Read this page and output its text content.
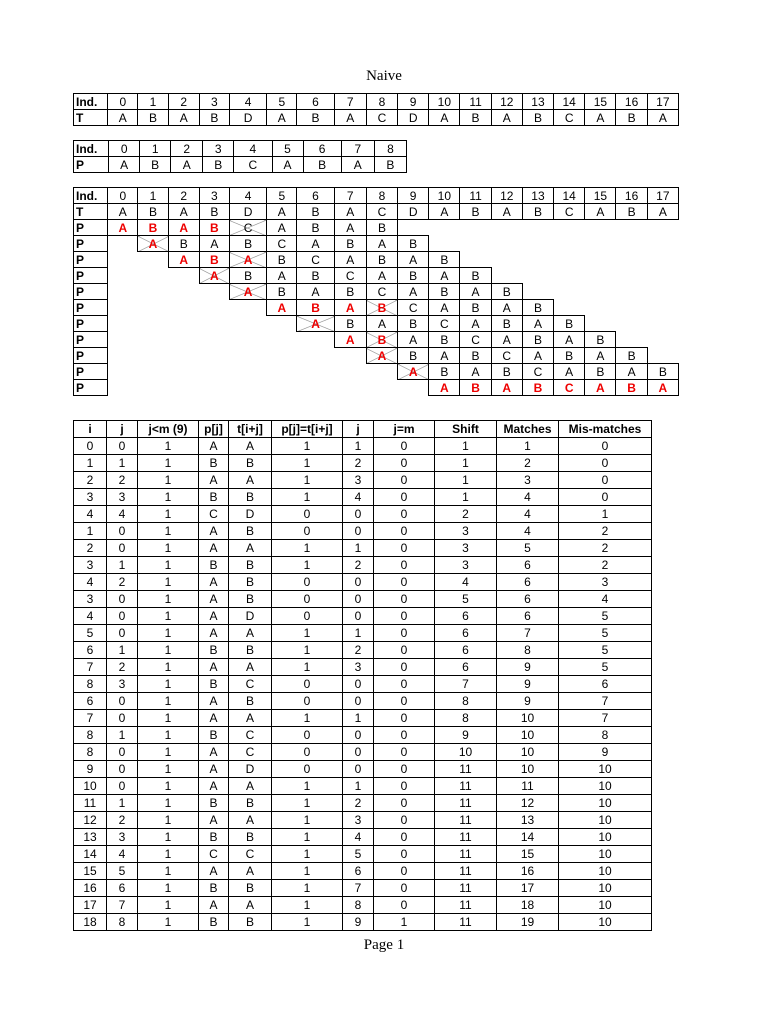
Naive
Ind.	0	1	2	3	4	5	6	7	8	9	10	11	12	13	14	15	16	17
T	A	B	A	B	D	A	B	A	C	D	A	B	A	B	C	A	B	A
Ind.	0	1	2	3	4	5	6	7	8
P	A	B	A	B	C	A	B	A	B
Ind.	0	1	2	3	4	5	6	7	8	9	10	11	12	13	14	15	16	17
T	A	B	A	B	D	A	B	A	C	D	A	B	A	B	C	A	B	A
P	A	B	A	B	C	A	B	A	B									
P		A	B	A	B	C	A	B	A	B								
P			A	B	A	B	C	A	B	A	B							
P				A	B	A	B	C	A	B	A	B						
P					A	B	A	B	C	A	B	A	B					
P						A	B	A	B	C	A	B	A	B				
P							A	B	A	B	C	A	B	A	B			
P								A	B	A	B	C	A	B	A	B		
P									A	B	A	B	C	A	B	A	B	
P										A	B	A	B	C	A	B	A	B
P											A	B	A	B	C	A	B	A
i	j	j<m (9)	p[j]	t[i+j]	p[j]=t[i+j]	j	j=m	Shift	Matches	Mis-matches
0	0	1	A	A	1	1	0	1	1	0
1	1	1	B	B	1	2	0	1	2	0
2	2	1	A	A	1	3	0	1	3	0
3	3	1	B	B	1	4	0	1	4	0
4	4	1	C	D	0	0	0	2	4	1
1	0	1	A	B	0	0	0	3	4	2
2	0	1	A	A	1	1	0	3	5	2
3	1	1	B	B	1	2	0	3	6	2
4	2	1	A	B	0	0	0	4	6	3
3	0	1	A	B	0	0	0	5	6	4
4	0	1	A	D	0	0	0	6	6	5
5	0	1	A	A	1	1	0	6	7	5
6	1	1	B	B	1	2	0	6	8	5
7	2	1	A	A	1	3	0	6	9	5
8	3	1	B	C	0	0	0	7	9	6
6	0	1	A	B	0	0	0	8	9	7
7	0	1	A	A	1	1	0	8	10	7
8	1	1	B	C	0	0	0	9	10	8
8	0	1	A	C	0	0	0	10	10	9
9	0	1	A	D	0	0	0	11	10	10
10	0	1	A	A	1	1	0	11	11	10
11	1	1	B	B	1	2	0	11	12	10
12	2	1	A	A	1	3	0	11	13	10
13	3	1	B	B	1	4	0	11	14	10
14	4	1	C	C	1	5	0	11	15	10
15	5	1	A	A	1	6	0	11	16	10
16	6	1	B	B	1	7	0	11	17	10
17	7	1	A	A	1	8	0	11	18	10
18	8	1	B	B	1	9	1	11	19	10
Page 1
